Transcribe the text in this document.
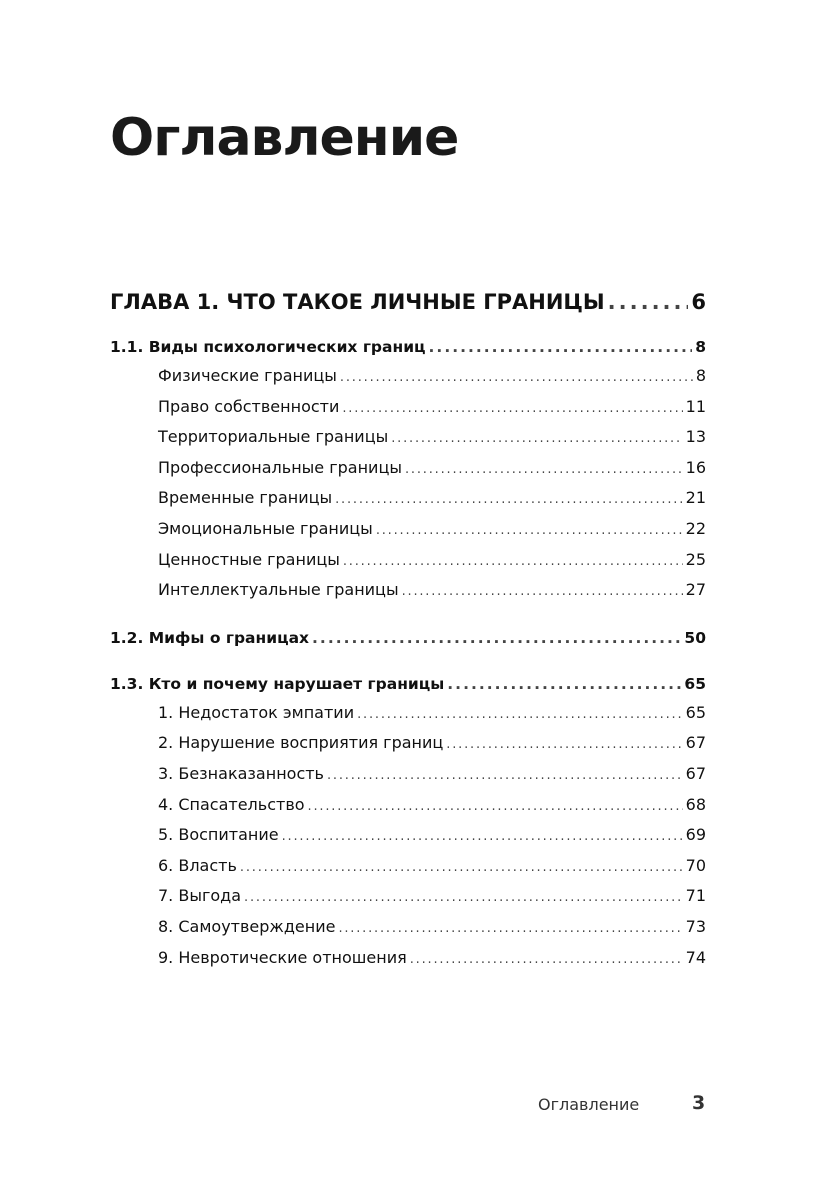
Оглавление
ГЛАВА 1. ЧТО ТАКОЕ ЛИЧНЫЕ ГРАНИЦЫ .....	6
1.1. Виды психологических границ .....	8
Физические границы .....	8
Право собственности .....	11
Территориальные границы .....	13
Профессиональные границы .....	16
Временные границы .....	21
Эмоциональные границы .....	22
Ценностные границы .....	25
Интеллектуальные границы .....	27
1.2. Мифы о границах .....	50
1.3. Кто и почему нарушает границы .....	65
1. Недостаток эмпатии .....	65
2. Нарушение восприятия границ .....	67
3. Безнаказанность .....	67
4. Спасательство .....	68
5. Воспитание .....	69
6. Власть .....	70
7. Выгода .....	71
8. Самоутверждение .....	73
9. Невротические отношения .....	74
Оглавление	3
